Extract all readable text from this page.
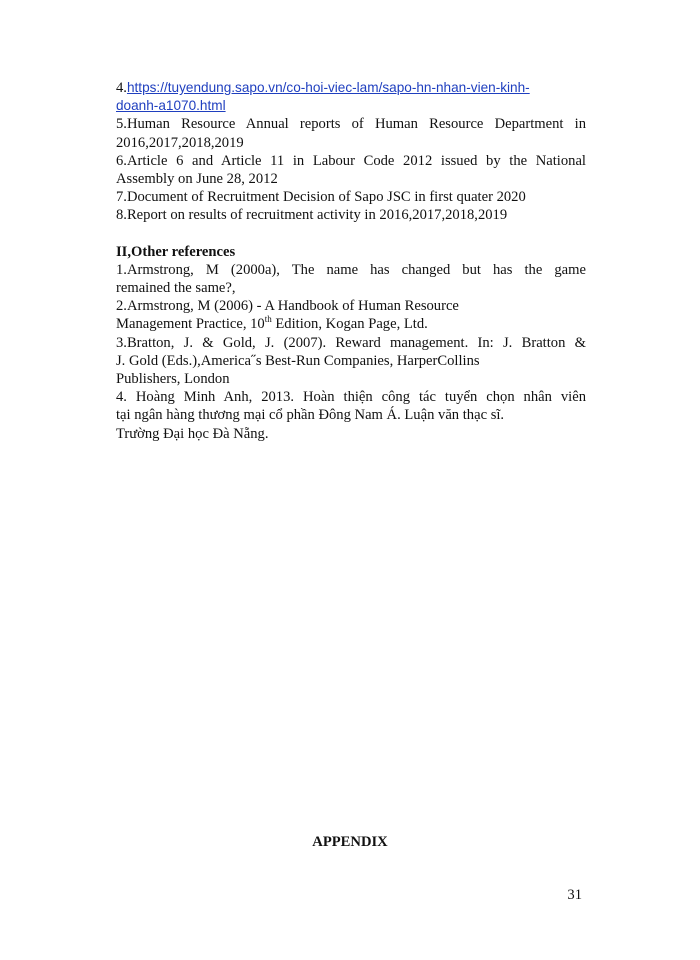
4.https://tuyendung.sapo.vn/co-hoi-viec-lam/sapo-hn-nhan-vien-kinh-
doanh-a1070.html
5.Human Resource Annual reports of Human Resource Department in
2016,2017,2018,2019
6.Article 6 and Article 11 in Labour Code 2012 issued by the National
Assembly on June 28, 2012
7.Document of Recruitment Decision of Sapo JSC in first quater 2020
8.Report on results of recruitment activity in 2016,2017,2018,2019
II,Other references
1.Armstrong, M (2000a), The name has changed but has the game
remained the same?,
2.Armstrong, M (2006) - A Handbook of Human Resource
Management Practice, 10th Edition, Kogan Page, Ltd.
3.Bratton, J. & Gold, J. (2007). Reward management. In: J. Bratton &
J. Gold (Eds.),America˝s Best-Run Companies, HarperCollins
Publishers, London
4. Hoàng Minh Anh, 2013. Hoàn thiện công tác tuyển chọn nhân viên
tại ngân hàng thương mại cổ phần Đông Nam Á. Luận văn thạc sĩ.
Trường Đại học Đà Nẵng.
APPENDIX
31
